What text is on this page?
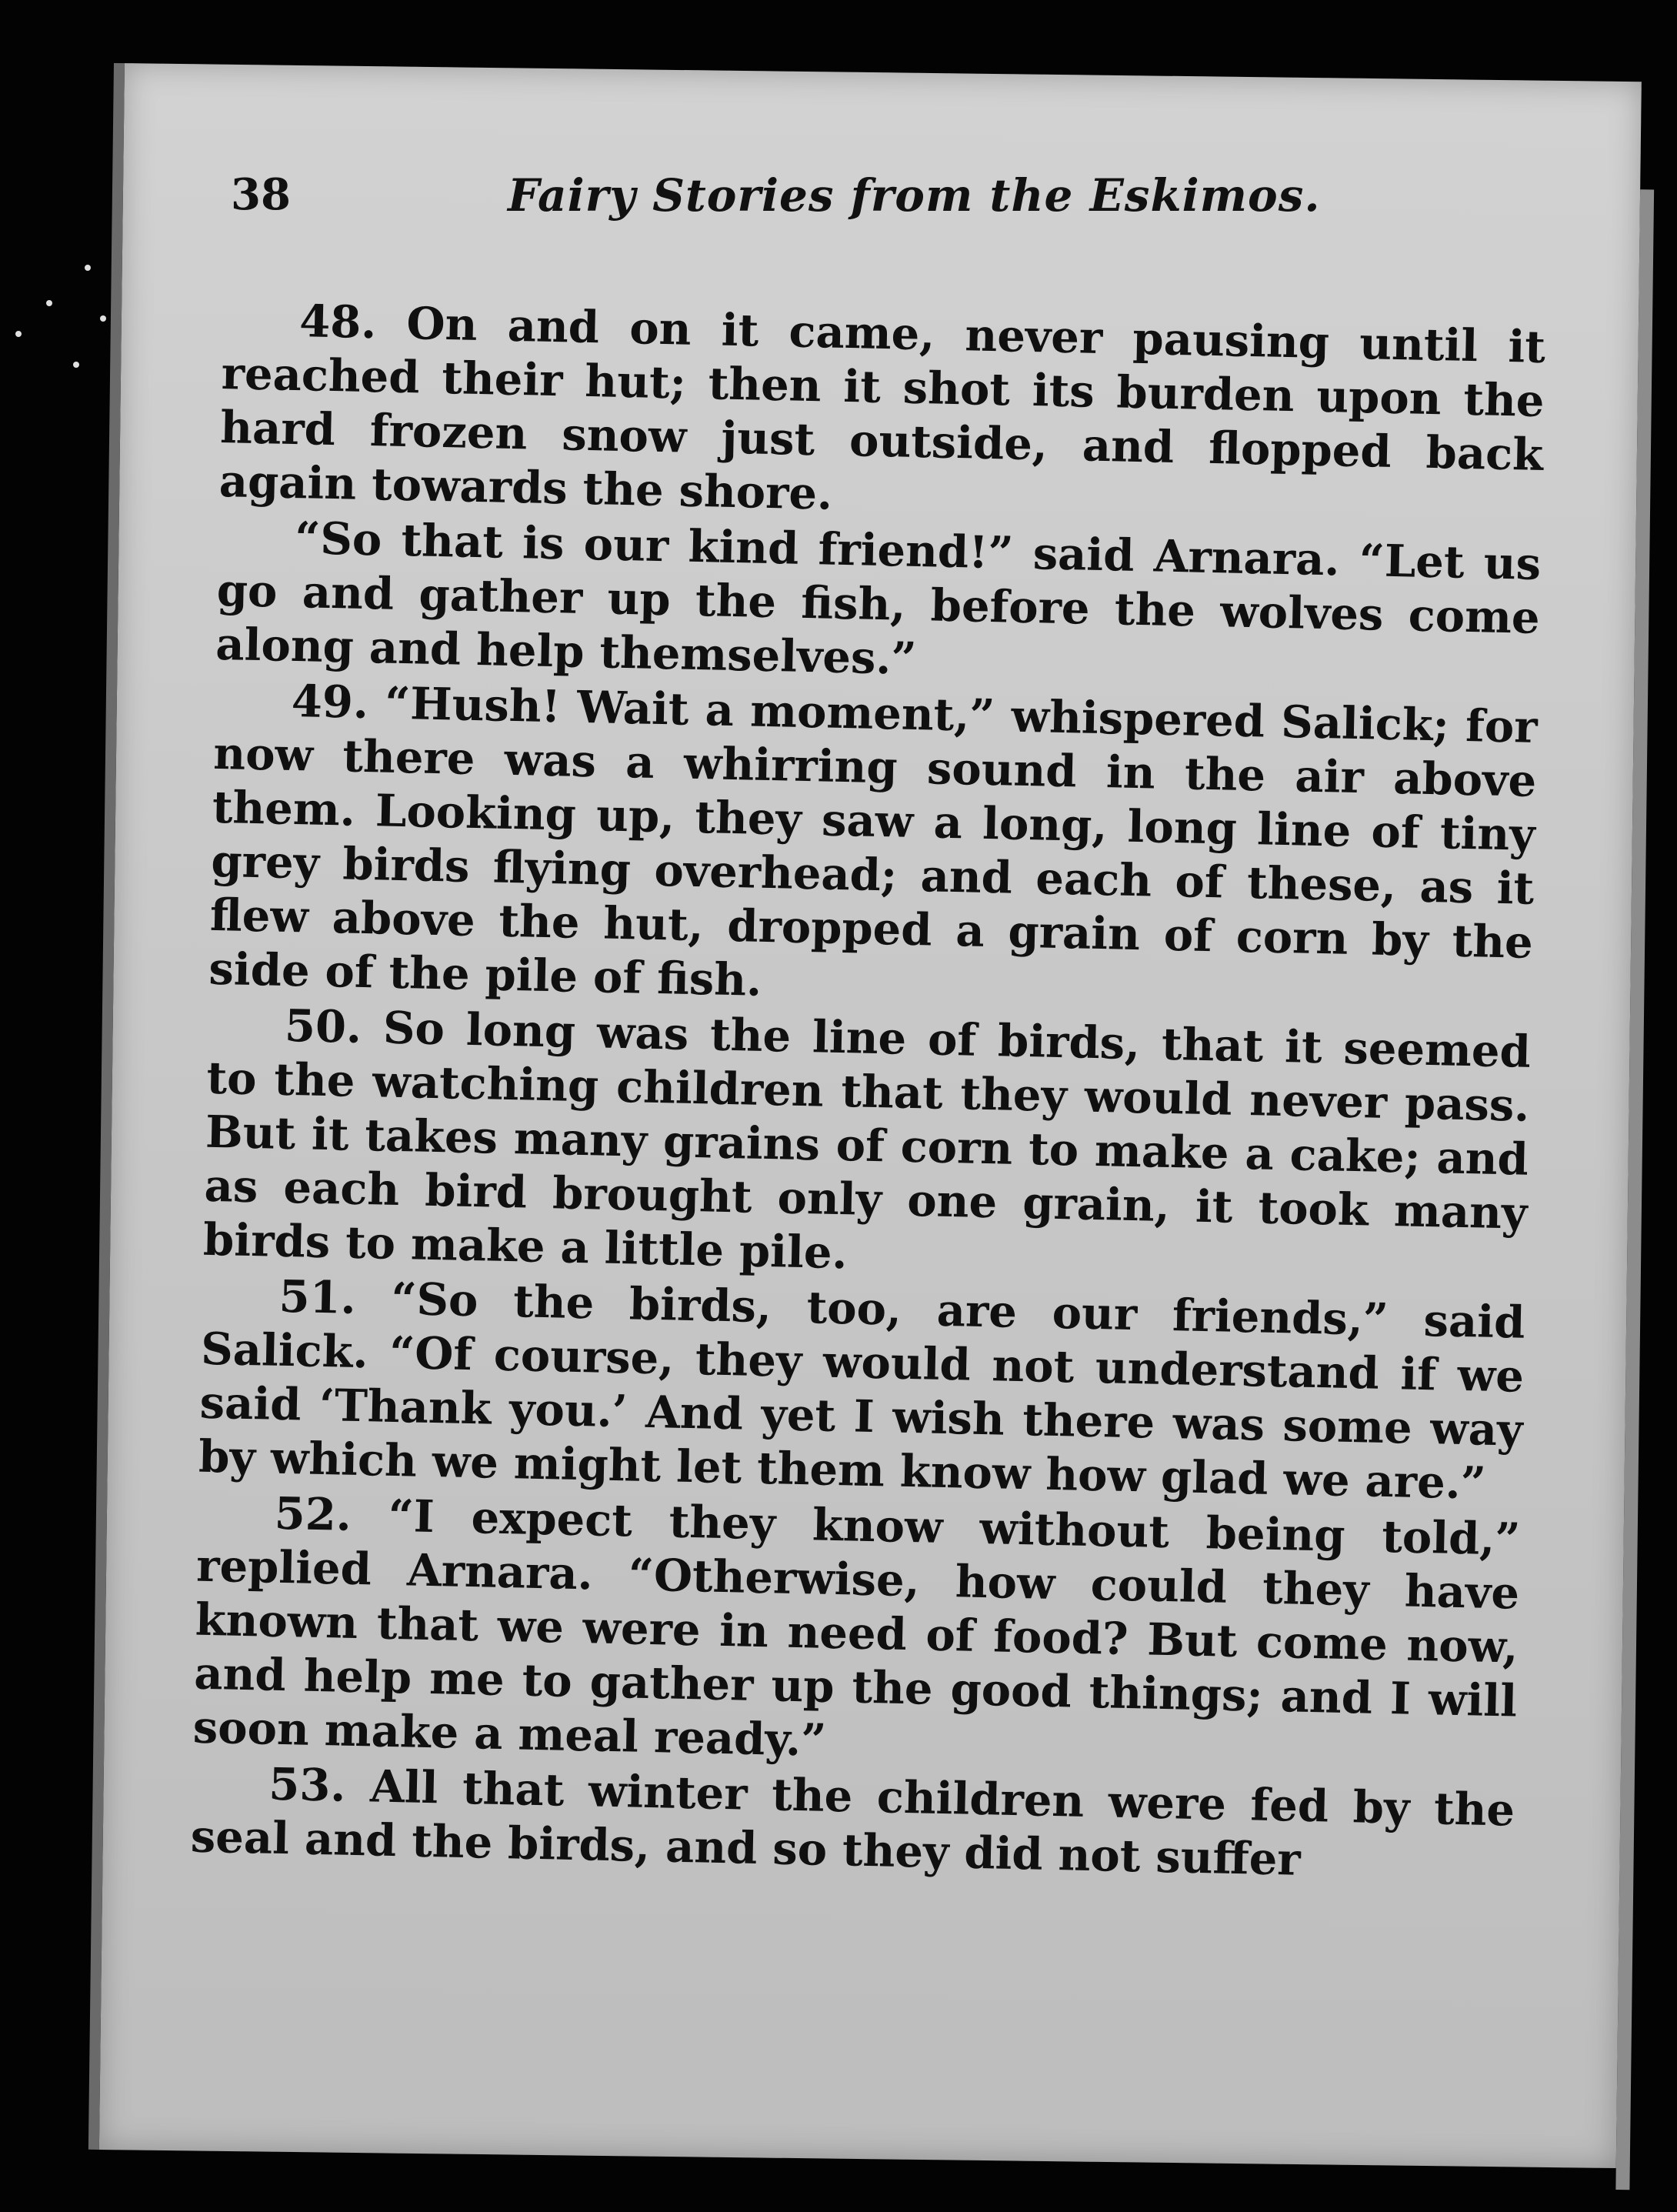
38	Fairy Stories from the Eskimos.

48. On and on it came, never pausing until it reached their hut; then it shot its burden upon the hard frozen snow just outside, and flopped back again towards the shore.

“So that is our kind friend!” said Arnara. “Let us go and gather up the fish, before the wolves come along and help themselves.”

49. “Hush! Wait a moment,” whispered Salick; for now there was a whirring sound in the air above them. Looking up, they saw a long, long line of tiny grey birds flying overhead; and each of these, as it flew above the hut, dropped a grain of corn by the side of the pile of fish.

50. So long was the line of birds, that it seemed to the watching children that they would never pass. But it takes many grains of corn to make a cake; and as each bird brought only one grain, it took many birds to make a little pile.

51. “So the birds, too, are our friends,” said Salick. “Of course, they would not understand if we said ‘Thank you.’ And yet I wish there was some way by which we might let them know how glad we are.”

52. “I expect they know without being told,” replied Arnara. “Otherwise, how could they have known that we were in need of food? But come now, and help me to gather up the good things; and I will soon make a meal ready.”

53. All that winter the children were fed by the seal and the birds, and so they did not suffer
